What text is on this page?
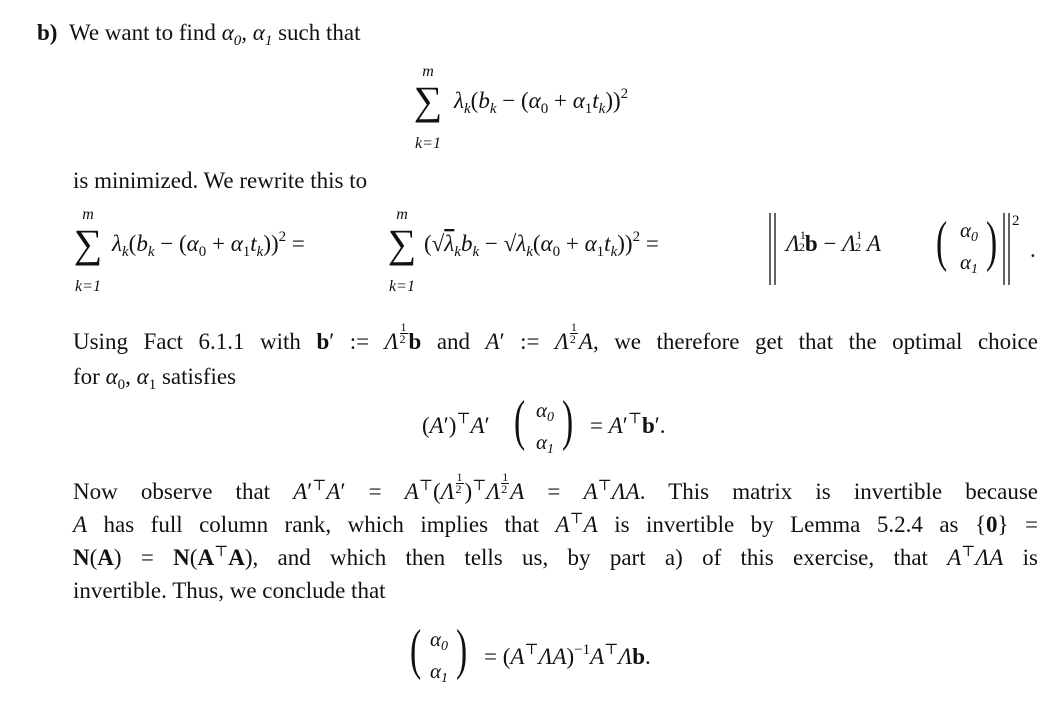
b)  We want to find $\alpha_0$, $\alpha_1$ such that
m
∑
k=1
$\lambda_k(b_k - (\alpha_0 + \alpha_1t_k))^2$
is minimized. We rewrite this to
m
∑
k=1
$\lambda_k(b_k - (\alpha_0 + \alpha_1t_k))^2$ =
m
∑
k=1
$(√\lambda_kb_k - √\lambda_k(\alpha_0 + \alpha_1t_k))^2$ =	$\Lambda^1$ $2b - \Lambda^1$ 2 A ( α0
α1 ) 2
.
Using Fact 6.1.1 with b′ := Λ $\frac{1}{2}$ b and A′ := Λ $\frac{1}{2} A$, we therefore get that the optimal choice
for $\alpha_0$, $\alpha_1$ satisfies
(A′)⊤A′ ( α0
α1 ) = A′⊤b′.
Now observe that $A'^⊤A' = A^⊤(\Lambda \frac{1}{2} )^⊤\Lambda \frac{1}{2}$ A = A⊤ΛA. This matrix is invertible because
A has full column rank, which implies that A⊤A is invertible by Lemma 5.2.4 as {0} =
N(A) = N(A⊤A), and which then tells us, by part a) of this exercise, that A⊤ΛA is
invertible. Thus, we conclude that
( α0
α1 ) = $(A^⊤\Lambda A)^{-1}A^⊤\Lambda b$.
